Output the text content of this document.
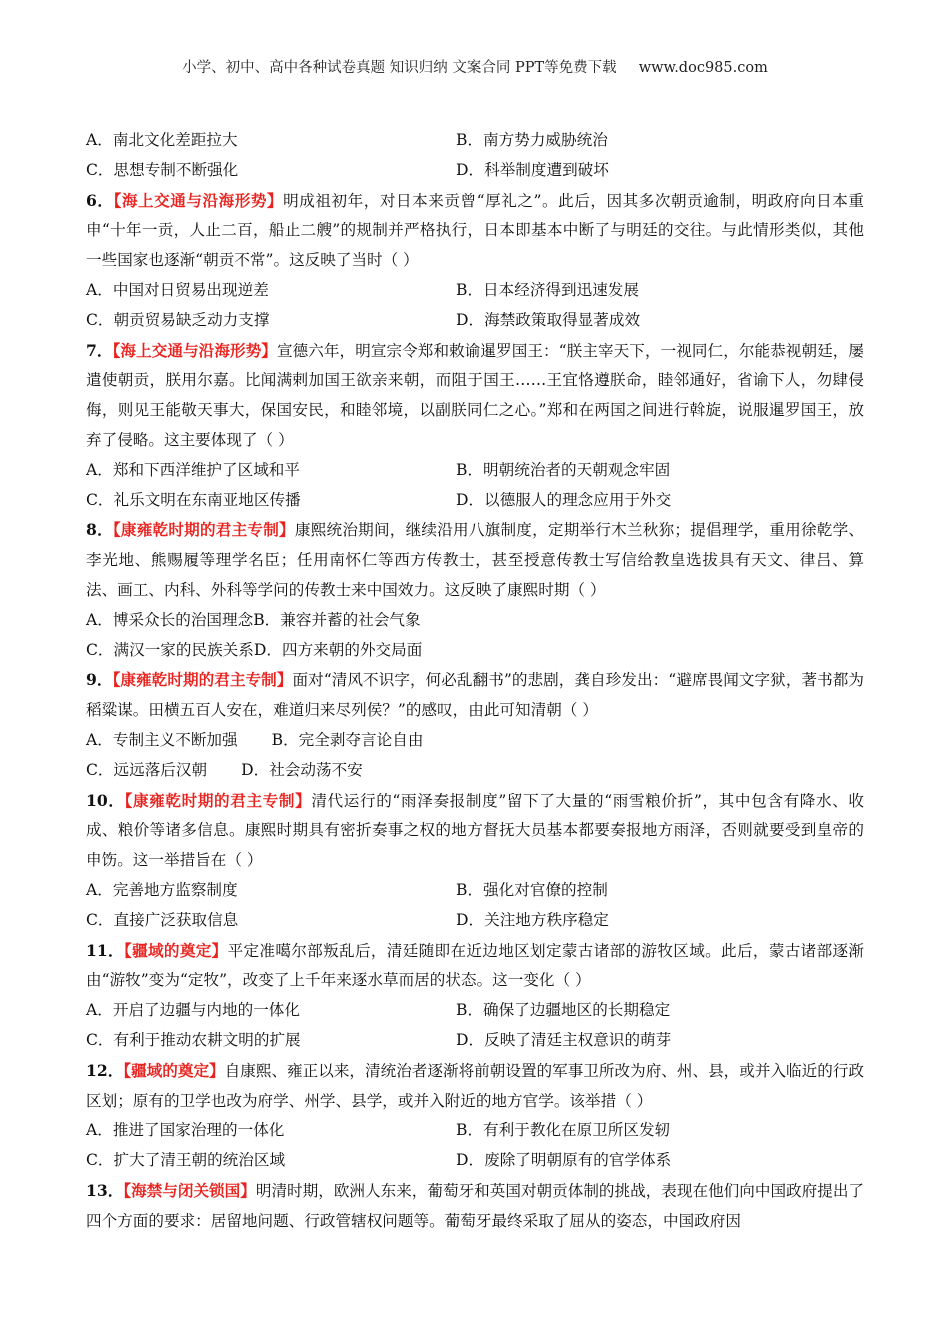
小学、初中、高中各种试卷真题 知识归纳 文案合同 PPT等免费下载 www.doc985.com
A．南北文化差距拉大	B．南方势力威胁统治
C．思想专制不断强化	D．科举制度遭到破坏
6．【海上交通与沿海形势】明成祖初年，对日本来贡曾“厚礼之”。此后，因其多次朝贡逾制，明政府向日本重申“十年一贡，人止二百，船止二艘”的规制并严格执行，日本即基本中断了与明廷的交往。与此情形类似，其他一些国家也逐渐“朝贡不常”。这反映了当时（ ）
A．中国对日贸易出现逆差	B．日本经济得到迅速发展
C．朝贡贸易缺乏动力支撑	D．海禁政策取得显著成效
7．【海上交通与沿海形势】宣德六年，明宣宗令郑和敕谕暹罗国王：“朕主宰天下，一视同仁，尔能恭视朝廷，屡遣使朝贡，朕用尔嘉。比闻满剌加国王欲亲来朝，而阻于国王……王宜恪遵朕命，睦邻通好，省谕下人，勿肆侵侮，则见王能敬天事大，保国安民，和睦邻境，以副朕同仁之心。”郑和在两国之间进行斡旋，说服暹罗国王，放弃了侵略。这主要体现了（ ）
A．郑和下西洋维护了区域和平	B．明朝统治者的天朝观念牢固
C．礼乐文明在东南亚地区传播	D．以德服人的理念应用于外交
8．【康雍乾时期的君主专制】康熙统治期间，继续沿用八旗制度，定期举行木兰秋狝；提倡理学，重用徐乾学、李光地、熊赐履等理学名臣；任用南怀仁等西方传教士，甚至授意传教士写信给教皇选拔具有天文、律吕、算法、画工、内科、外科等学问的传教士来中国效力。这反映了康熙时期（ ）
A．博采众长的治国理念 B．兼容并蓄的社会气象
C．满汉一家的民族关系 D．四方来朝的外交局面
9．【康雍乾时期的君主专制】面对“清风不识字，何必乱翻书”的悲剧，龚自珍发出：“避席畏闻文字狱，著书都为稻粱谋。田横五百人安在，难道归来尽列侯？”的感叹，由此可知清朝（ ）
A．专制主义不断加强 B．完全剥夺言论自由
C．远远落后汉朝 D．社会动荡不安
10．【康雍乾时期的君主专制】清代运行的“雨泽奏报制度”留下了大量的“雨雪粮价折”，其中包含有降水、收成、粮价等诸多信息。康熙时期具有密折奏事之权的地方督抚大员基本都要奏报地方雨泽，否则就要受到皇帝的申饬。这一举措旨在（ ）
A．完善地方监察制度	B．强化对官僚的控制
C．直接广泛获取信息	D．关注地方秩序稳定
11．【疆域的奠定】平定准噶尔部叛乱后，清廷随即在近边地区划定蒙古诸部的游牧区域。此后，蒙古诸部逐渐由“游牧”变为“定牧”，改变了上千年来逐水草而居的状态。这一变化（ ）
A．开启了边疆与内地的一体化	B．确保了边疆地区的长期稳定
C．有利于推动农耕文明的扩展	D．反映了清廷主权意识的萌芽
12．【疆域的奠定】自康熙、雍正以来，清统治者逐渐将前朝设置的军事卫所改为府、州、县，或并入临近的行政区划；原有的卫学也改为府学、州学、县学，或并入附近的地方官学。该举措（ ）
A．推进了国家治理的一体化	B．有利于教化在原卫所区发轫
C．扩大了清王朝的统治区域	D．废除了明朝原有的官学体系
13．【海禁与闭关锁国】明清时期，欧洲人东来，葡萄牙和英国对朝贡体制的挑战，表现在他们向中国政府提出了四个方面的要求：居留地问题、行政管辖权问题等。葡萄牙最终采取了屈从的姿态，中国政府因
